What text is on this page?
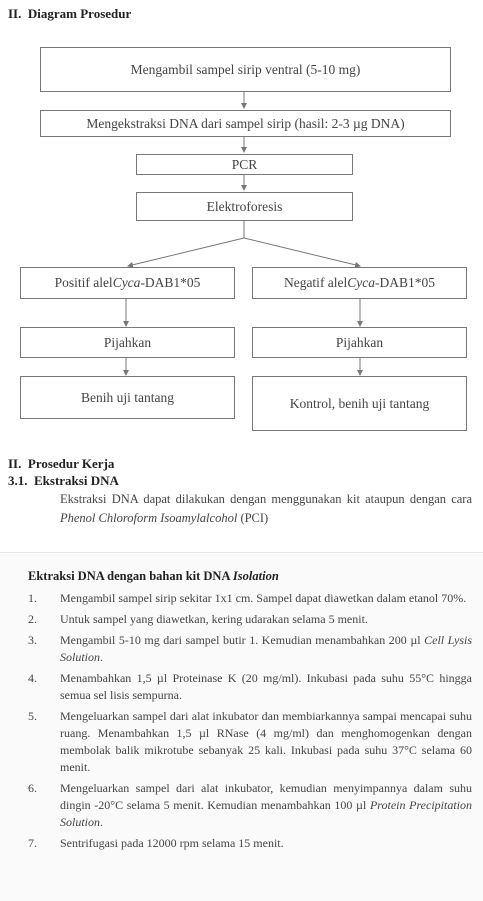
II. Diagram Prosedur
Mengambil sampel sirip ventral (5-10 mg)
Mengekstraksi DNA dari sampel sirip (hasil: 2-3 µg DNA)
PCR
Elektroforesis
Positif alel Cyca -DAB1*05	Negatif alel Cyca -DAB1*05
Pijahkan	Pijahkan
Benih uji tantang	Kontrol, benih uji tantang
II. Prosedur Kerja
3.1. Ekstraksi DNA
Ekstraksi DNA dapat dilakukan dengan menggunakan kit ataupun dengan cara Phenol Chloroform Isoamylalcohol (PCI)
Ektraksi DNA dengan bahan kit DNA Isolation
1.	Mengambil sampel sirip sekitar 1x1 cm. Sampel dapat diawetkan dalam etanol 70%.
2.	Untuk sampel yang diawetkan, kering udarakan selama 5 menit.
3.	Mengambil 5-10 mg dari sampel butir 1. Kemudian menambahkan 200 µl Cell Lysis Solution.
4.	Menambahkan 1,5 µl Proteinase K (20 mg/ml). Inkubasi pada suhu 55°C hingga semua sel lisis sempurna.
5.	Mengeluarkan sampel dari alat inkubator dan membiarkannya sampai mencapai suhu ruang. Menambahkan 1,5 µl RNase (4 mg/ml) dan menghomogenkan dengan membolak balik mikrotube sebanyak 25 kali. Inkubasi pada suhu 37°C selama 60 menit.
6.	Mengeluarkan sampel dari alat inkubator, kemudian menyimpannya dalam suhu dingin -20°C selama 5 menit. Kemudian menambahkan 100 µl Protein Precipitation Solution.
7.	Sentrifugasi pada 12000 rpm selama 15 menit.
